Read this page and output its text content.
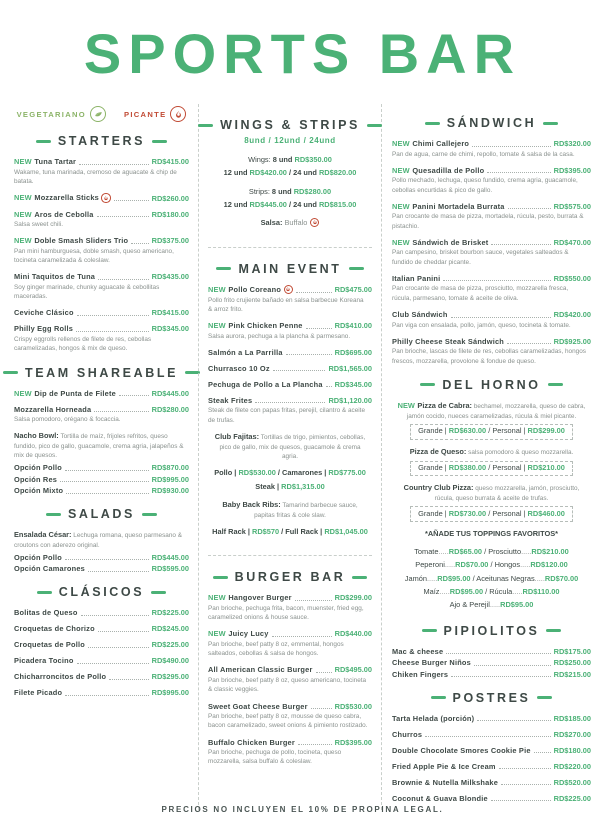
SPORTS BAR
VEGETARIANO	PICANTE
STARTERS
NEW Tuna Tartar	RD$415.00
Wakame, tuna marinada, cremoso de aguacate & chip de batata.
NEW Mozzarella Sticks	RD$260.00
NEW Aros de Cebolla	RD$180.00
Salsa sweet chili.
NEW Doble Smash Sliders Trio	RD$375.00
Pan mini hamburguesa, doble smash, queso americano, tocineta caramelizada & coleslaw.
Mini Taquitos de Tuna	RD$435.00
Soy ginger marinade, chunky aguacate & cebollitas maceradas.
Ceviche Clásico	RD$415.00
Philly Egg Rolls	RD$345.00
Crispy eggrolls rellenos de filete de res, cebollas caramelizadas, hongos & mix de queso.
TEAM SHAREABLE
NEW Dip de Punta de Filete	RD$445.00
Mozzarella Horneada	RD$280.00
Salsa pomodoro, orégano & focaccia.
Nacho Bowl: Tortilla de maíz, frijoles refritos, queso fundido, pico de gallo, guacamole, crema agria, jalapeños & mix de quesos.
Opción Pollo	RD$870.00
Opción Res	RD$995.00
Opción Mixto	RD$930.00
SALADS
Ensalada César: Lechuga romana, queso parmesano & croutons con aderezo original.
Opción Pollo	RD$445.00
Opción Camarones	RD$595.00
CLÁSICOS
Bolitas de Queso	RD$225.00
Croquetas de Chorizo	RD$245.00
Croquetas de Pollo	RD$225.00
Picadera Tocino	RD$490.00
Chicharroncitos de Pollo	RD$295.00
Filete Picado	RD$995.00
WINGS & STRIPS
8und / 12und / 24und
Wings: 8 und RD$350.00
12 und RD$420.00 / 24 und RD$820.00
Strips: 8 und RD$280.00
12 und RD$445.00 / 24 und RD$815.00
Salsa: Buffalo
MAIN EVENT
NEW Pollo Coreano	RD$475.00
Pollo frito crujiente bañado en salsa barbecue Koreana & arroz frito.
NEW Pink Chicken Penne	RD$410.00
Salsa aurora, pechuga a la plancha & parmesano.
Salmón a La Parrilla	RD$695.00
Churrasco 10 Oz	RD$1,565.00
Pechuga de Pollo a La Plancha RD$345.00
Steak Frites	RD$1,120.00
Steak de filete con papas fritas, perejil, cilantro & aceite de trufas.
Club Fajitas: Tortillas de trigo, pimientos, cebollas, pico de gallo, mix de quesos, guacamole & crema agria.
Pollo | RD$530.00 / Camarones | RD$775.00
Steak | RD$1,315.00
Baby Back Ribs: Tamarind barbecue sauce, papitas fritas & cole slaw.
Half Rack | RD$570 / Full Rack | RD$1,045.00
BURGER BAR
NEW Hangover Burger	RD$299.00
Pan brioche, pechuga frita, bacon, muenster, fried egg, caramelized onions & house sauce.
NEW Juicy Lucy	RD$440.00
Pan brioche, beef patty 8 oz, emmental, hongos salteados, cebollas & salsa de hongos.
All American Classic Burger	RD$495.00
Pan brioche, beef patty 8 oz, queso americano, tocineta & classic veggies.
Sweet Goat Cheese Burger	RD$530.00
Pan brioche, beef patty 8 oz, mousse de queso cabra, bacon caramelizado, sweet onions & pimiento rostizado.
Buffalo Chicken Burger	RD$395.00
Pan brioche, pechuga de pollo, tocineta, queso mozzarella, salsa buffalo & coleslaw.
SÁNDWICH
NEW Chimi Callejero	RD$320.00
Pan de agua, carne de chimi, repollo, tomate & salsa de la casa.
NEW Quesadilla de Pollo	RD$395.00
Pollo mechado, lechuga, queso fundido, crema agria, guacamole, cebollas encurtidas & pico de gallo.
NEW Panini Mortadela Burrata	RD$575.00
Pan crocante de masa de pizza, mortadela, rúcula, pesto, burrata & pistachio.
NEW Sándwich de Brisket	RD$470.00
Pan campesino, brisket bourbon sauce, vegetales salteados & fundido de cheddar picante.
Italian Panini	RD$550.00
Pan crocante de masa de pizza, prosciutto, mozzarella fresca, rúcula, parmesano, tomate & aceite de oliva.
Club Sándwich	RD$420.00
Pan viga con ensalada, pollo, jamón, queso, tocineta & tomate.
Philly Cheese Steak Sándwich	RD$925.00
Pan brioche, lascas de filete de res, cebollas caramelizadas, hongos frescos, mozzarella, provolone & fondue de queso.
DEL HORNO
NEW Pizza de Cabra: bechamel, mozzarella, queso de cabra, jamón cocido, nueces caramelizadas, rúcula & miel picante.
Grande | RD$630.00 / Personal | RD$299.00
Pizza de Queso: salsa pomodoro & queso mozzarella.
Grande | RD$380.00 / Personal | RD$210.00
Country Club Pizza: queso mozzarella, jamón, prosciutto, rúcula, queso burrata & aceite de trufas.
Grande | RD$730.00 / Personal | RD$460.00
*AÑADE TUS TOPPINGS FAVORITOS*
Tomate.....RD$65.00 / Prosciutto.....RD$210.00
Peperoni.....RD$70.00 / Hongos.....RD$120.00
Jamón.....RD$95.00 / Aceitunas Negras.....RD$70.00
Maíz.....RD$95.00 / Rúcula.....RD$110.00
Ajo & Perejil.....RD$95.00
PIPIOLITOS
Mac & cheese	RD$175.00
Cheese Burger Niños	RD$250.00
Chiken Fingers	RD$215.00
POSTRES
Tarta Helada (porción)	RD$185.00
Churros	RD$270.00
Double Chocolate Smores Cookie Pie	RD$180.00
Fried Apple Pie & Ice Cream	RD$220.00
Brownie & Nutella Milkshake	RD$520.00
Coconut & Guava Blondie	RD$225.00
PRECIOS NO INCLUYEN EL 10% DE PROPINA LEGAL.
